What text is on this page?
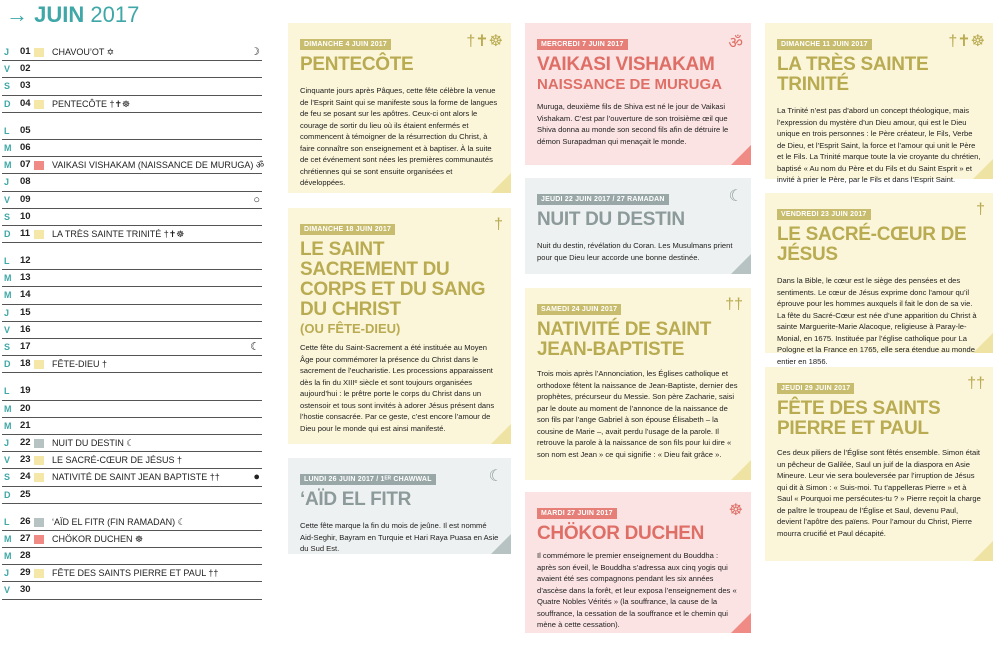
→ JUIN 2017
J	01 CHAVOU’OT ✡	☽
V	02
S	03
D	04 PENTECÔTE †✝☸
L	05
M 06
M 07 VAIKASI VISHAKAM (NAISSANCE DE MURUGA) ॐ
J	08
V	09	○
S	10
D	11 LA TRÈS SAINTE TRINITÉ †✝☸
L	12
M 13
M 14
J	15
V	16
S	17	☾
D	18 FÊTE-DIEU †
L	19
M 20
M 21
J	22 NUIT DU DESTIN ☾
V	23 LE SACRÉ-CŒUR DE JÉSUS †
S	24 NATIVITÉ DE SAINT JEAN BAPTISTE ††	●
D	25
L	26 ‘AÏD EL FITR (FIN RAMADAN) ☾
M 27 CHÖKOR DUCHEN ☸
M 28
J	29 FÊTE DES SAINTS PIERRE ET PAUL ††
V	30
DIMANCHE 4 JUIN 2017
PENTECÔTE
Cinquante jours après Pâques, cette fête célèbre la venue de l’Esprit Saint qui se manifeste sous la forme de langues de feu se posant sur les apôtres. Ceux-ci ont alors le courage de sortir du lieu où ils étaient enfermés et commencent à témoigner de la résurrection du Christ, à faire connaître son enseignement et à baptiser. À la suite de cet événement sont nées les premières communautés chrétiennes qui se sont ensuite organisées et développées.
†✝☸
DIMANCHE 18 JUIN 2017
LE SAINT SACREMENT DU CORPS ET DU SANG DU CHRIST
(OU FÊTE-DIEU)
Cette fête du Saint-Sacrement a été instituée au Moyen Âge pour commémorer la présence du Christ dans le sacrement de l’eucharistie. Les processions apparaissent dès la fin du XIIIᵉ siècle et sont toujours organisées aujourd’hui : le prêtre porte le corps du Christ dans un ostensoir et tous sont invités à adorer Jésus présent dans l’hostie consacrée. Par ce geste, c’est encore l’amour de Dieu pour le monde qui est ainsi manifesté.
†
LUNDI 26 JUIN 2017 / 1ᴱᴿ CHAWWAL
‘AÏD EL FITR
Cette fête marque la fin du mois de jeûne. Il est nommé Aid-Seghir, Bayram en Turquie et Hari Raya Puasa en Asie du Sud Est.
☾
MERCREDI 7 JUIN 2017
VAIKASI VISHAKAM
NAISSANCE DE MURUGA
Muruga, deuxième fils de Shiva est né le jour de Vaikasi Vishakam. C’est par l’ouverture de son troisième œil que Shiva donna au monde son second fils afin de détruire le démon Surapadman qui menaçait le monde.
ॐ
JEUDI 22 JUIN 2017 / 27 RAMADAN
NUIT DU DESTIN
Nuit du destin, révélation du Coran. Les Musulmans prient pour que Dieu leur accorde une bonne destinée.
☾
SAMEDI 24 JUIN 2017
NATIVITÉ DE SAINT JEAN-BAPTISTE
Trois mois après l’Annonciation, les Églises catholique et orthodoxe fêtent la naissance de Jean-Baptiste, dernier des prophètes, précurseur du Messie. Son père Zacharie, saisi par le doute au moment de l’annonce de la naissance de son fils par l’ange Gabriel à son épouse Élisabeth – la cousine de Marie –, avait perdu l’usage de la parole. Il retrouve la parole à la naissance de son fils pour lui dire « son nom est Jean » ce qui signifie : « Dieu fait grâce ».
††
MARDI 27 JUIN 2017
CHÖKOR DUCHEN
Il commémore le premier enseignement du Bouddha : après son éveil, le Bouddha s’adressa aux cinq yogis qui avaient été ses compagnons pendant les six années d’ascèse dans la forêt, et leur exposa l’enseignement des « Quatre Nobles Vérités » (la souffrance, la cause de la souffrance, la cessation de la souffrance et le chemin qui mène à cette cessation).
☸
DIMANCHE 11 JUIN 2017
LA TRÈS SAINTE TRINITÉ
La Trinité n’est pas d’abord un concept théologique, mais l’expression du mystère d’un Dieu amour, qui est le Dieu unique en trois personnes : le Père créateur, le Fils, Verbe de Dieu, et l’Esprit Saint, la force et l’amour qui unit le Père et le Fils. La Trinité marque toute la vie croyante du chrétien, baptisé « Au nom du Père et du Fils et du Saint Esprit » et invité à prier le Père, par le Fils et dans l’Esprit Saint.
†✝☸
VENDREDI 23 JUIN 2017
LE SACRÉ-CŒUR DE JÉSUS
Dans la Bible, le cœur est le siège des pensées et des sentiments. Le cœur de Jésus exprime donc l’amour qu’il éprouve pour les hommes auxquels il fait le don de sa vie. La fête du Sacré-Cœur est née d’une apparition du Christ à sainte Marguerite-Marie Alacoque, religieuse à Paray-le-Monial, en 1675. Instituée par l’église catholique pour La Pologne et la France en 1765, elle sera étendue au monde entier en 1856.
†
JEUDI 29 JUIN 2017
FÊTE DES SAINTS PIERRE ET PAUL
Ces deux piliers de l’Église sont fêtés ensemble. Simon était un pêcheur de Galilée, Saul un juif de la diaspora en Asie Mineure. Leur vie sera bouleversée par l’irruption de Jésus qui dit à Simon : « Suis-moi. Tu t’appelleras Pierre » et à Saul « Pourquoi me persécutes-tu ? » Pierre reçoit la charge de paître le troupeau de l’Église et Saul, devenu Paul, devient l’apôtre des païens. Pour l’amour du Christ, Pierre mourra crucifié et Paul décapité.
††
